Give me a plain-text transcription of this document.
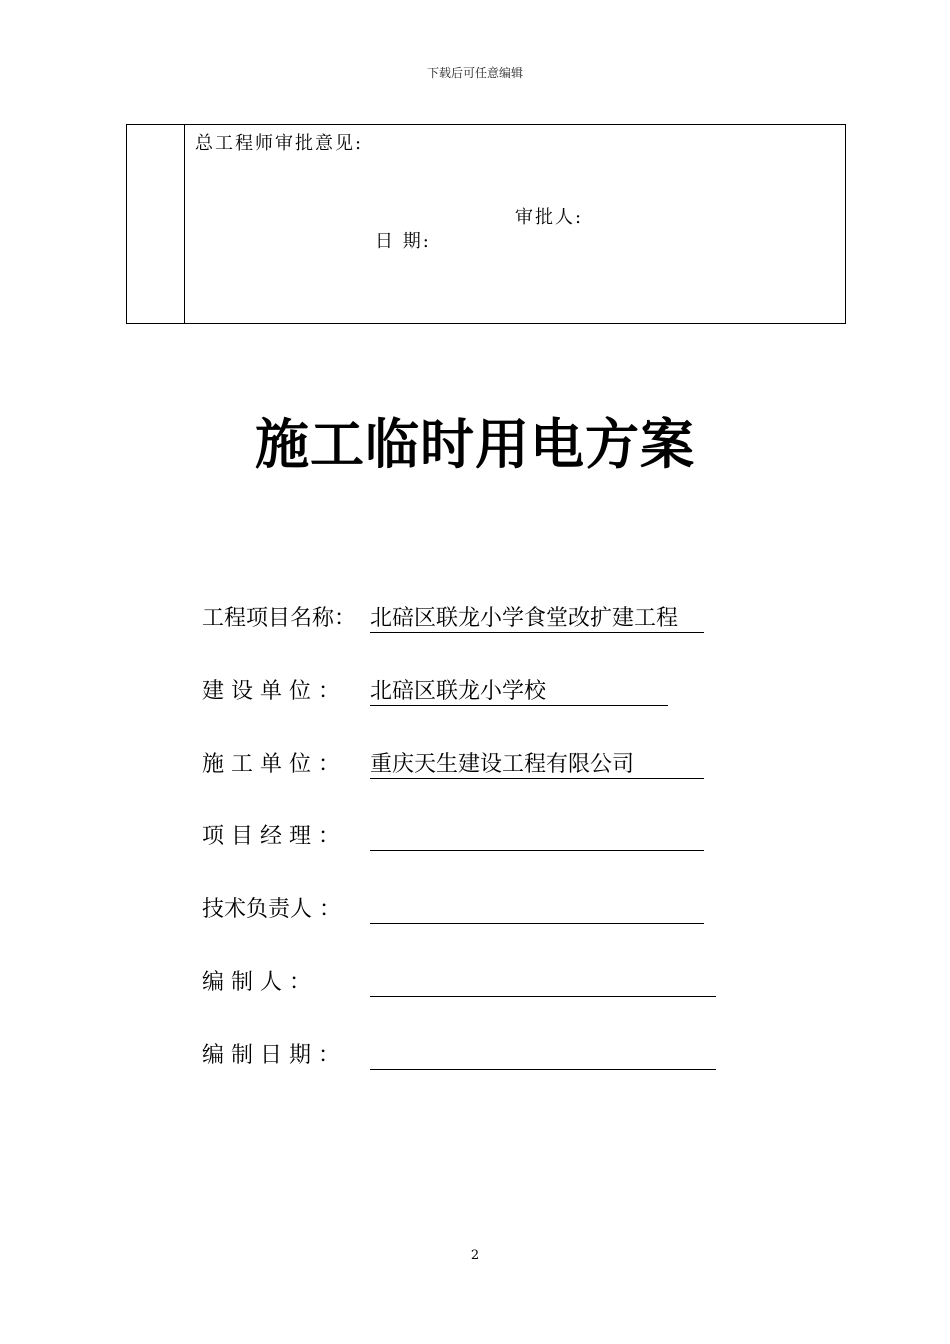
下载后可任意编辑
总工程师审批意见:
审批人:
日 期:
施工临时用电方案
工程项目名称： 北碚区联龙小学食堂改扩建工程
建 设 单 位 ： 北碚区联龙小学校
施 工 单 位 ： 重庆天生建设工程有限公司
项 目 经 理 ：
技术负责人 ：
编 制 人 ：
编 制 日 期 ：
2
